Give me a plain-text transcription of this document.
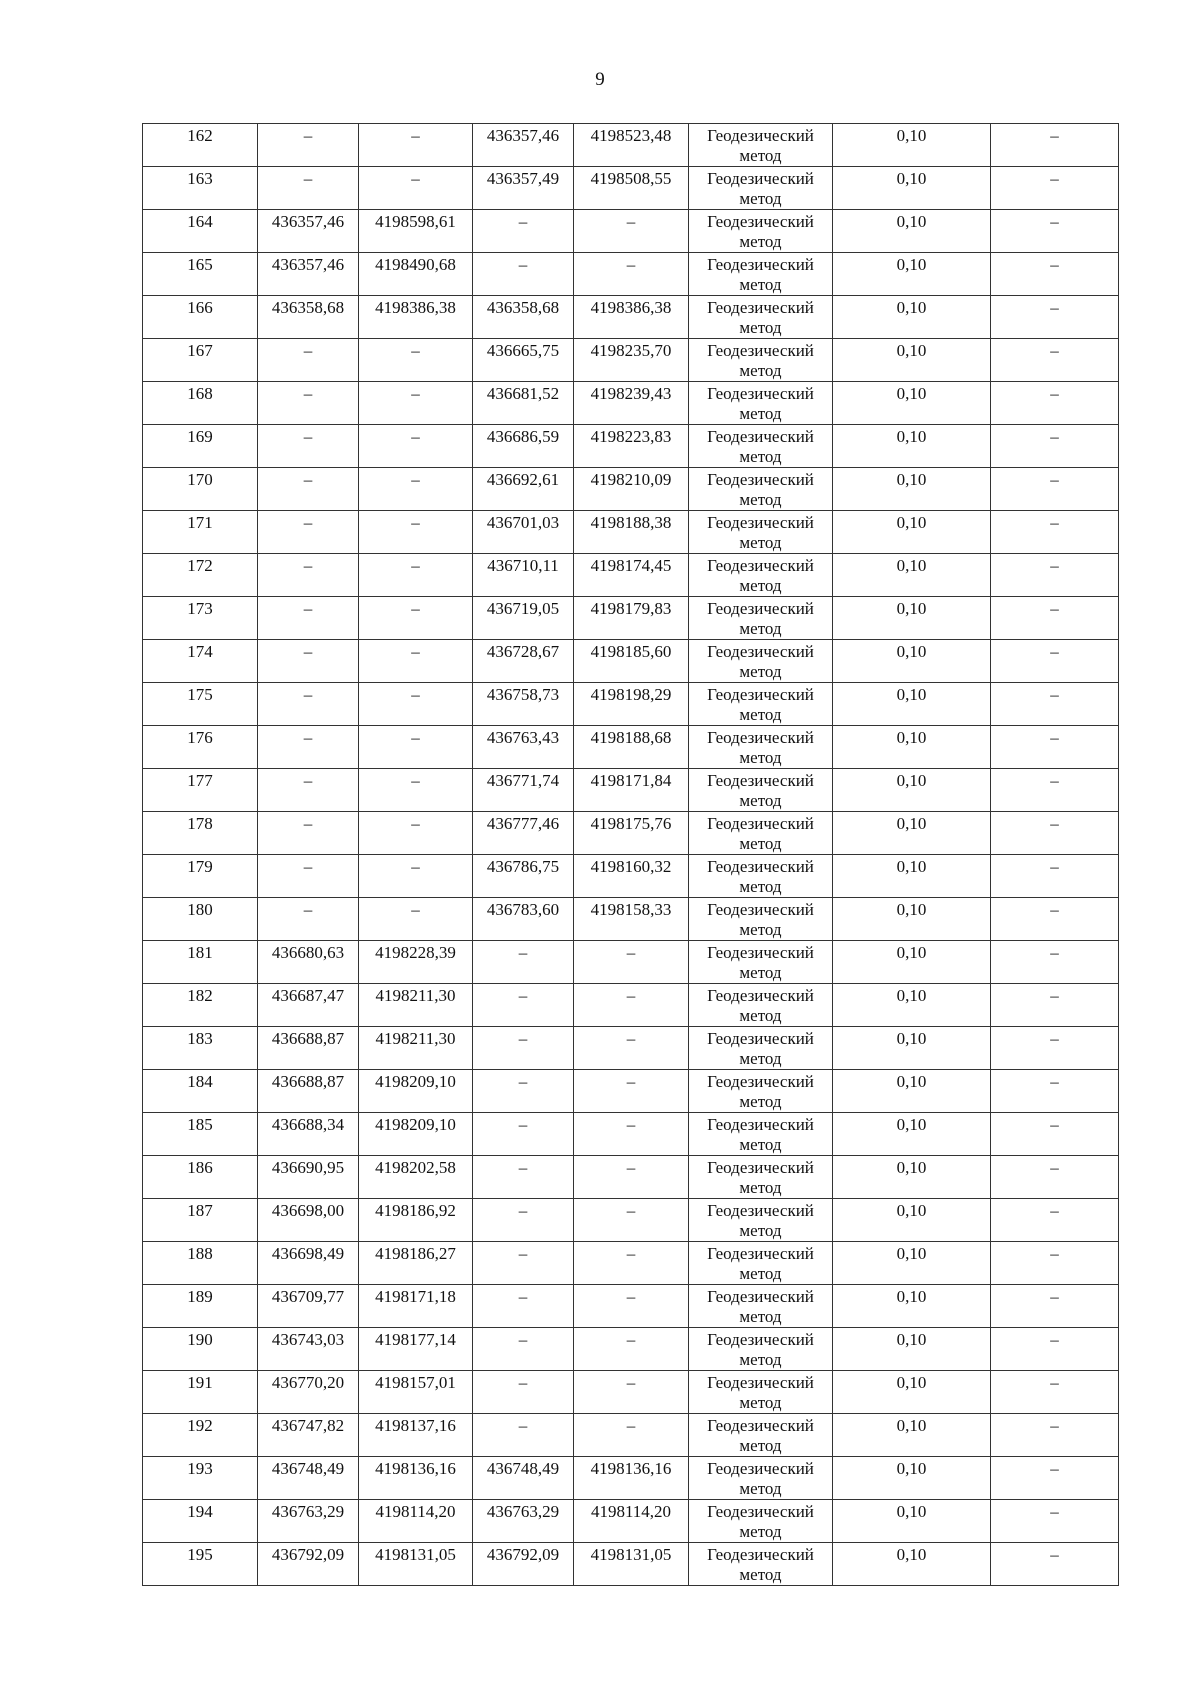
9
162	–	–	436357,46	4198523,48	Геодезический метод	0,10	–

163	–	–	436357,49	4198508,55	Геодезический метод	0,10	–

164	436357,46	4198598,61	–	–	Геодезический метод	0,10	–

165	436357,46	4198490,68	–	–	Геодезический метод	0,10	–

166	436358,68	4198386,38	436358,68	4198386,38	Геодезический метод	0,10	–

167	–	–	436665,75	4198235,70	Геодезический метод	0,10	–

168	–	–	436681,52	4198239,43	Геодезический метод	0,10	–

169	–	–	436686,59	4198223,83	Геодезический метод	0,10	–

170	–	–	436692,61	4198210,09	Геодезический метод	0,10	–

171	–	–	436701,03	4198188,38	Геодезический метод	0,10	–

172	–	–	436710,11	4198174,45	Геодезический метод	0,10	–

173	–	–	436719,05	4198179,83	Геодезический метод	0,10	–

174	–	–	436728,67	4198185,60	Геодезический метод	0,10	–

175	–	–	436758,73	4198198,29	Геодезический метод	0,10	–

176	–	–	436763,43	4198188,68	Геодезический метод	0,10	–

177	–	–	436771,74	4198171,84	Геодезический метод	0,10	–

178	–	–	436777,46	4198175,76	Геодезический метод	0,10	–

179	–	–	436786,75	4198160,32	Геодезический метод	0,10	–

180	–	–	436783,60	4198158,33	Геодезический метод	0,10	–

181	436680,63	4198228,39	–	–	Геодезический метод	0,10	–

182	436687,47	4198211,30	–	–	Геодезический метод	0,10	–

183	436688,87	4198211,30	–	–	Геодезический метод	0,10	–

184	436688,87	4198209,10	–	–	Геодезический метод	0,10	–

185	436688,34	4198209,10	–	–	Геодезический метод	0,10	–

186	436690,95	4198202,58	–	–	Геодезический метод	0,10	–

187	436698,00	4198186,92	–	–	Геодезический метод	0,10	–

188	436698,49	4198186,27	–	–	Геодезический метод	0,10	–

189	436709,77	4198171,18	–	–	Геодезический метод	0,10	–

190	436743,03	4198177,14	–	–	Геодезический метод	0,10	–

191	436770,20	4198157,01	–	–	Геодезический метод	0,10	–

192	436747,82	4198137,16	–	–	Геодезический метод	0,10	–

193	436748,49	4198136,16	436748,49	4198136,16	Геодезический метод	0,10	–

194	436763,29	4198114,20	436763,29	4198114,20	Геодезический метод	0,10	–

195	436792,09	4198131,05	436792,09	4198131,05	Геодезический метод	0,10	–
